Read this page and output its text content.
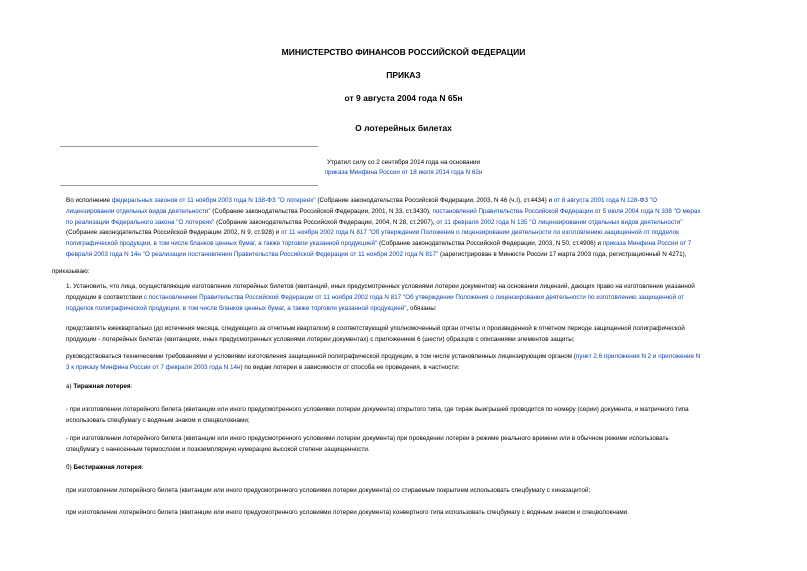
МИНИСТЕРСТВО ФИНАНСОВ РОССИЙСКОЙ ФЕДЕРАЦИИ
ПРИКАЗ
от 9 августа 2004 года N 65н
О лотерейных билетах
Утратил силу со 2 сентября 2014 года на основании
приказа Минфина России от 18 июля 2014 года N 62н
Во исполнение федеральных законов от 11 ноября 2003 года N 138-ФЗ "О лотереях" (Собрание законодательства Российской Федерации, 2003, N 46 (ч.I), ст.4434) и от 8 августа 2001 года N 128-ФЗ "О
лицензировании отдельных видов деятельности" (Собрание законодательства Российской Федерации, 2001, N 33, ст.3430), постановлений Правительства Российской Федерации от 5 июля 2004 года N 338 "О мерах
по реализации Федерального закона "О лотереях" (Собрание законодательства Российской Федерации, 2004, N 28, ст.2907), от 11 февраля 2002 года N 135 "О лицензировании отдельных видов деятельности"
(Собрание законодательства Российской Федерации 2002, N 9, ст.928) и от 11 ноября 2002 года N 817 "Об утверждении Положения о лицензировании деятельности по изготовлению защищенной от подделок
полиграфической продукции, в том числе бланков ценных бумаг, а также торговли указанной продукцией" (Собрание законодательства Российской Федерации, 2003, N 50, ст.4906) и приказа Минфина России от 7
февраля 2003 года N 14н "О реализации постановления Правительства Российской Федерации от 11 ноября 2002 года N 817" (зарегистрирован в Минюсте России 17 марта 2003 года, регистрационный N 4271),
приказываю:
1. Установить, что лица, осуществляющие изготовление лотерейных билетов (квитанций, иных предусмотренных условиями лотереи документов) на основании лицензий, дающих право на изготовление указанной
продукции в соответствии с постановлением Правительства Российской Федерации от 11 ноября 2002 года N 817 "Об утверждении Положения о лицензировании деятельности по изготовлению защищенной от
подделок полиграфической продукции, в том числе бланков ценных бумаг, а также торговли указанной продукцией", обязаны:
представлять ежеквартально (до истечения месяца, следующего за отчетным кварталом) в соответствующий уполномоченный орган отчеты о произведенной в отчетном периоде защищенной полиграфической
продукции - лотерейных билетах (квитанциях, иных предусмотренных условиями лотереи документах) с приложением 6 (шести) образцов с описаниями элементов защиты;
руководствоваться техническими требованиями и условиями изготовления защищенной полиграфической продукции, в том числе установленных лицензирующим органом (пункт 2.6 приложения N 2 и приложение N
3 к приказу Минфина России от 7 февраля 2003 года N 14н) по видам лотереи в зависимости от способа ее проведения, в частности:
а) Тиражная лотерея:
- при изготовлении лотерейного билета (квитанции или иного предусмотренного условиями лотереи документа) открытого типа, где тираж выигрышей проводится по номеру (серии) документа, и матричного типа
использовать спецбумагу с водяным знаком и спецволокнами;
- при изготовлении лотерейного билета (квитанции или иного предусмотренного условиями лотереи документа) при проведении лотереи в режиме реального времени или в обычном режиме использовать
спецбумагу с нанесенным термослоем и поэкземплярную нумерацию высокой степени защищенности.
б) Бестиражная лотерея:
при изготовлении лотерейного билета (квитанции или иного предусмотренного условиями лотереи документа) со стираемым покрытием использовать спецбумагу с хиназацитой;
при изготовлении лотерейного билета (квитанции или иного предусмотренного условиями лотереи документа) конвертного типа использовать спецбумагу с водяным знаком и спецволокнами.
